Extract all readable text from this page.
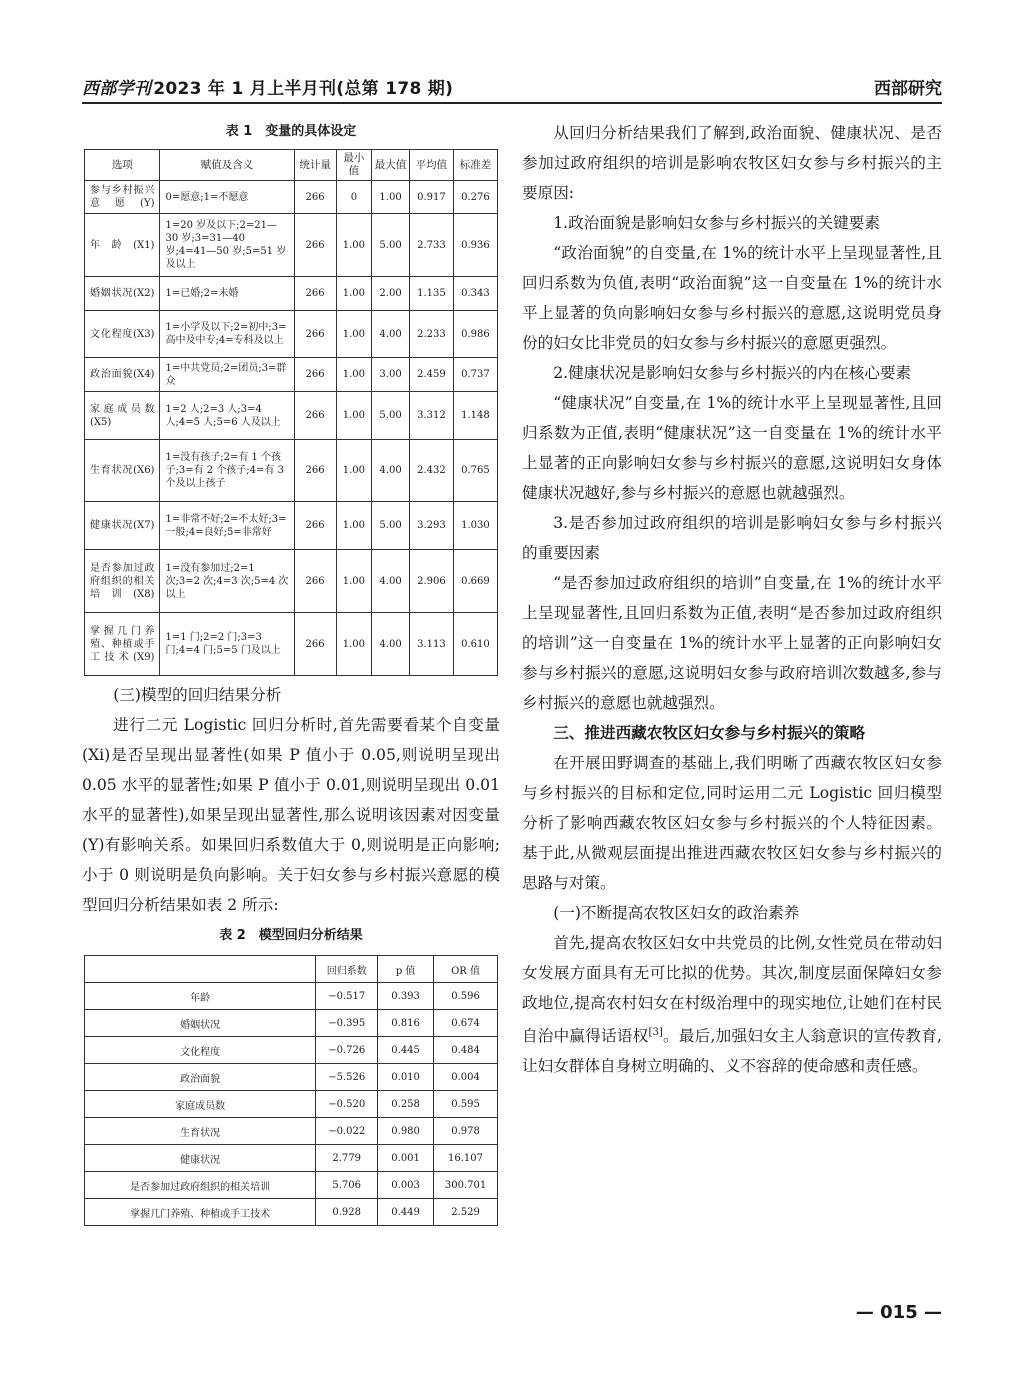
西部学刊 2023 年 1 月上半月刊(总第 178 期)	西部研究
表 1　变量的具体设定
选项	赋值及含义	统计量	最小值	最大值	平均值	标准差
参与乡村振兴意愿(Y)	0=愿意;1=不愿意	266	0	1.00	0.917	0.276
年龄(X1)	1=20 岁及以下;2=21—30 岁;3=31—40 岁;4=41—50 岁;5=51 岁及以上	266	1.00	5.00	2.733	0.936
婚姻状况(X2)	1=已婚;2=未婚	266	1.00	2.00	1.135	0.343
文化程度(X3)	1=小学及以下;2=初中;3=高中及中专;4=专科及以上	266	1.00	4.00	2.233	0.986
政治面貌(X4)	1=中共党员;2=团员;3=群众	266	1.00	3.00	2.459	0.737
家庭成员数(X5)	1=2 人;2=3 人;3=4 人;4=5 人;5=6 人及以上	266	1.00	5.00	3.312	1.148
生育状况(X6)	1=没有孩子;2=有 1 个孩子;3=有 2 个孩子;4=有 3 个及以上孩子	266	1.00	4.00	2.432	0.765
健康状况(X7)	1=非常不好;2=不太好;3=一般;4=良好;5=非常好	266	1.00	5.00	3.293	1.030
是否参加过政府组织的相关培训(X8)	1=没有参加过;2=1 次;3=2 次;4=3 次;5=4 次以上	266	1.00	4.00	2.906	0.669
掌握几门养殖、种植或手工技术(X9)	1=1 门;2=2 门;3=3 门;4=4 门;5=5 门及以上	266	1.00	4.00	3.113	0.610
(三)模型的回归结果分析

进行二元 Logistic 回归分析时,首先需要看某个自变量(Xi)是否呈现出显著性(如果 P 值小于 0.05,则说明呈现出 0.05 水平的显著性;如果 P 值小于 0.01,则说明呈现出 0.01 水平的显著性),如果呈现出显著性,那么说明该因素对因变量(Y)有影响关系。如果回归系数值大于 0,则说明是正向影响;小于 0 则说明是负向影响。关于妇女参与乡村振兴意愿的模型回归分析结果如表 2 所示:

表 2　模型回归分析结果
	回归系数	p 值	OR 值
年龄	−0.517	0.393	0.596
婚姻状况	−0.395	0.816	0.674
文化程度	−0.726	0.445	0.484
政治面貌	−5.526	0.010	0.004
家庭成员数	−0.520	0.258	0.595
生育状况	−0.022	0.980	0.978
健康状况	2.779	0.001	16.107
是否参加过政府组织的相关培训	5.706	0.003	300.701
掌握几门养殖、种植或手工技术	0.928	0.449	2.529

从回归分析结果我们了解到,政治面貌、健康状况、是否参加过政府组织的培训是影响农牧区妇女参与乡村振兴的主要原因:

1.政治面貌是影响妇女参与乡村振兴的关键要素

“政治面貌”的自变量,在 1%的统计水平上呈现显著性,且回归系数为负值,表明“政治面貌”这一自变量在 1%的统计水平上显著的负向影响妇女参与乡村振兴的意愿,这说明党员身份的妇女比非党员的妇女参与乡村振兴的意愿更强烈。

2.健康状况是影响妇女参与乡村振兴的内在核心要素

“健康状况”自变量,在 1%的统计水平上呈现显著性,且回归系数为正值,表明“健康状况”这一自变量在 1%的统计水平上显著的正向影响妇女参与乡村振兴的意愿,这说明妇女身体健康状况越好,参与乡村振兴的意愿也就越强烈。

3.是否参加过政府组织的培训是影响妇女参与乡村振兴的重要因素

“是否参加过政府组织的培训”自变量,在 1%的统计水平上呈现显著性,且回归系数为正值,表明“是否参加过政府组织的培训”这一自变量在 1%的统计水平上显著的正向影响妇女参与乡村振兴的意愿,这说明妇女参与政府培训次数越多,参与乡村振兴的意愿也就越强烈。

三、推进西藏农牧区妇女参与乡村振兴的策略

在开展田野调查的基础上,我们明晰了西藏农牧区妇女参与乡村振兴的目标和定位,同时运用二元 Logistic 回归模型分析了影响西藏农牧区妇女参与乡村振兴的个人特征因素。基于此,从微观层面提出推进西藏农牧区妇女参与乡村振兴的思路与对策。

(一)不断提高农牧区妇女的政治素养

首先,提高农牧区妇女中共党员的比例,女性党员在带动妇女发展方面具有无可比拟的优势。其次,制度层面保障妇女参政地位,提高农村妇女在村级治理中的现实地位,让她们在村民自治中赢得话语权[3]。最后,加强妇女主人翁意识的宣传教育,让妇女群体自身树立明确的、义不容辞的使命感和责任感。

— 015 —
